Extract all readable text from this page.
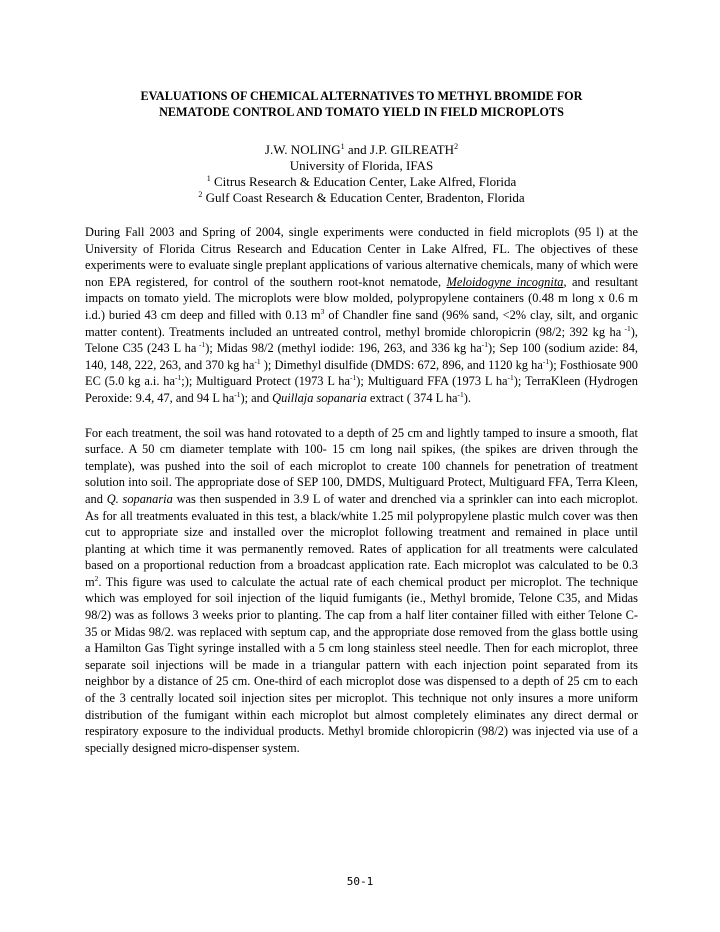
EVALUATIONS OF CHEMICAL ALTERNATIVES TO METHYL BROMIDE FOR
NEMATODE CONTROL AND TOMATO YIELD IN FIELD MICROPLOTS
J.W. NOLING$^1$ and J.P. GILREATH$^2$
University of Florida, IFAS
$^1$ Citrus Research & Education Center, Lake Alfred, Florida
$^2$ Gulf Coast Research & Education Center, Bradenton, Florida

During Fall 2003 and Spring of 2004, single experiments were conducted in field microplots (95 l) at the University of Florida Citrus Research and Education Center in Lake Alfred, FL. The objectives of these experiments were to evaluate single preplant applications of various alternative chemicals, many of which were non EPA registered, for control of the southern root-knot nematode, Meloidogyne incognita, and resultant impacts on tomato yield. The microplots were blow molded, polypropylene containers (0.48 m long x 0.6 m i.d.) buried 43 cm deep and filled with 0.13 $m^3$ of Chandler fine sand (96% sand, <2% clay, silt, and organic matter content). Treatments included an untreated control, methyl bromide chloropicrin (98/2; 392 kg ha $^{-1}$), Telone C35 (243 L ha $^{-1}$); Midas 98/2 (methyl iodide: 196, 263, and 336 kg $ha^{-1}$); Sep 100 (sodium azide: 84, 140, 148, 222, 263, and 370 kg $ha^{-1}$ ); Dimethyl disulfide (DMDS: 672, 896, and 1120 kg $ha^{-1}$); Fosthiosate 900 EC (5.0 kg a.i. $ha^{-1}$;); Multiguard Protect (1973 L $ha^{-1}$); Multiguard FFA (1973 L $ha^{-1}$); TerraKleen (Hydrogen Peroxide: 9.4, 47, and 94 L $ha^{-1}$); and Quillaja sopanaria extract ( 374 L $ha^{-1}$).

For each treatment, the soil was hand rotovated to a depth of 25 cm and lightly tamped to insure a smooth, flat surface. A 50 cm diameter template with 100- 15 cm long nail spikes, (the spikes are driven through the template), was pushed into the soil of each microplot to create 100 channels for penetration of treatment solution into soil. The appropriate dose of SEP 100, DMDS, Multiguard Protect, Multiguard FFA, Terra Kleen, and Q. sopanaria was then suspended in 3.9 L of water and drenched via a sprinkler can into each microplot. As for all treatments evaluated in this test, a black/white 1.25 mil polypropylene plastic mulch cover was then cut to appropriate size and installed over the microplot following treatment and remained in place until planting at which time it was permanently removed. Rates of application for all treatments were calculated based on a proportional reduction from a broadcast application rate. Each microplot was calculated to be 0.3 $m^2$. This figure was used to calculate the actual rate of each chemical product per microplot. The technique which was employed for soil injection of the liquid fumigants (ie., Methyl bromide, Telone C35, and Midas 98/2) was as follows 3 weeks prior to planting. The cap from a half liter container filled with either Telone C-35 or Midas 98/2. was replaced with septum cap, and the appropriate dose removed from the glass bottle using a Hamilton Gas Tight syringe installed with a 5 cm long stainless steel needle. Then for each microplot, three separate soil injections will be made in a triangular pattern with each injection point separated from its neighbor by a distance of 25 cm. One-third of each microplot dose was dispensed to a depth of 25 cm to each of the 3 centrally located soil injection sites per microplot. This technique not only insures a more uniform distribution of the fumigant within each microplot but almost completely eliminates any direct dermal or respiratory exposure to the individual products. Methyl bromide chloropicrin (98/2) was injected via use of a specially designed micro-dispenser system.

50-1
